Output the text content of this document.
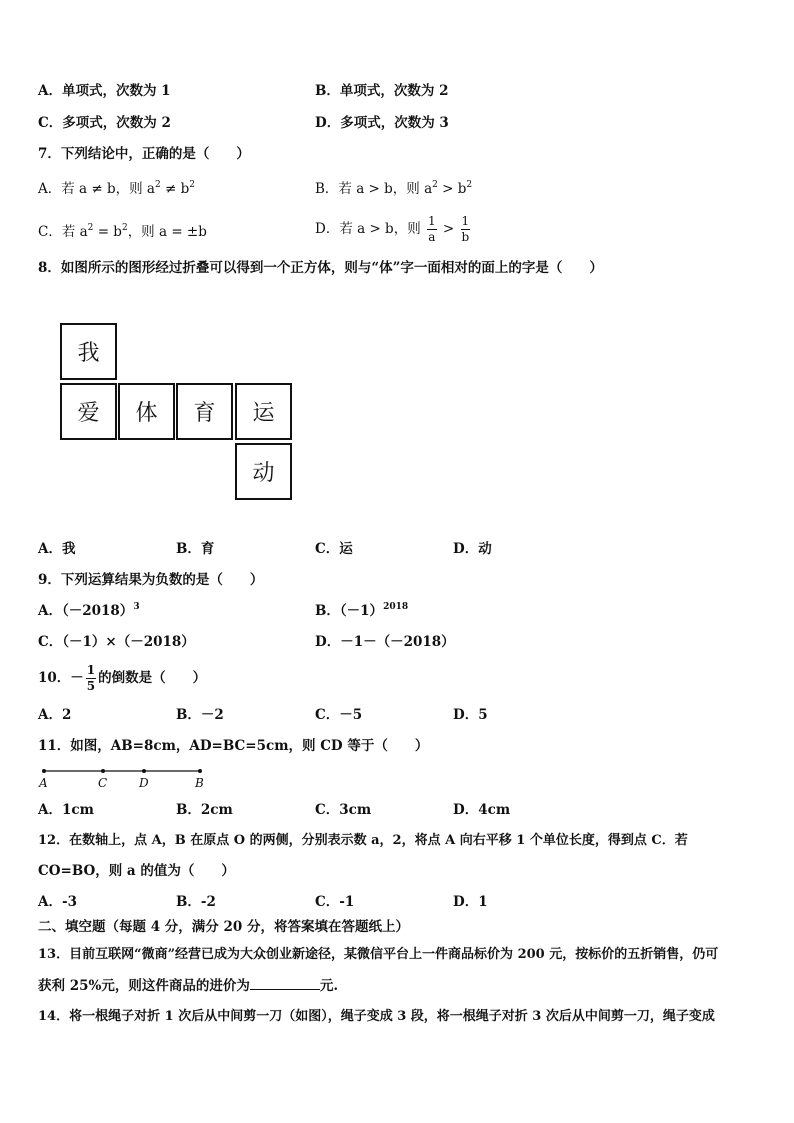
A．单项式，次数为 1	B．单项式，次数为 2
C．多项式，次数为 2	D．多项式，次数为 3
7．下列结论中，正确的是（　　）
A．若 a ≠ b，则 $a^2 \ne b^2$	B．若 a > b，则 $a^2 > b^2$
C．若 $a^2 = b^2$，则 a = ±b	D．若 a > b，则 $\frac{1}{a} > \frac{1}{b}$
8．如图所示的图形经过折叠可以得到一个正方体，则与“体”字一面相对的面上的字是（　　）
我
爱	体	育	运
动
A．我	B．育	C．运	D．动
9．下列运算结果为负数的是（　　）
A．$(-2018)^3$	B．$(-1)^{2018}$
C．（－1）×（－2018）	D．－1－（－2018）
10．－ $\frac{1}{5}$ 的倒数是（　　）
A．2	B．－2	C．－5	D．5
11．如图，AB=8cm，AD=BC=5cm，则 CD 等于（　　）
A	C	D	B
A．1cm	B．2cm	C．3cm	D．4cm
12．在数轴上，点 A，B 在原点 O 的两侧，分别表示数 a，2，将点 A 向右平移 1 个单位长度，得到点 C．若
CO=BO，则 a 的值为（　　）
A．-3	B．-2	C．-1	D．1
二、填空题（每题 4 分，满分 20 分，将答案填在答题纸上）
13．目前互联网“微商”经营已成为大众创业新途径，某微信平台上一件商品标价为 200 元，按标价的五折销售，仍可
获利 25%元，则这件商品的进价为	元.
14．将一根绳子对折 1 次后从中间剪一刀（如图），绳子变成 3 段，将一根绳子对折 3 次后从中间剪一刀，绳子变成
